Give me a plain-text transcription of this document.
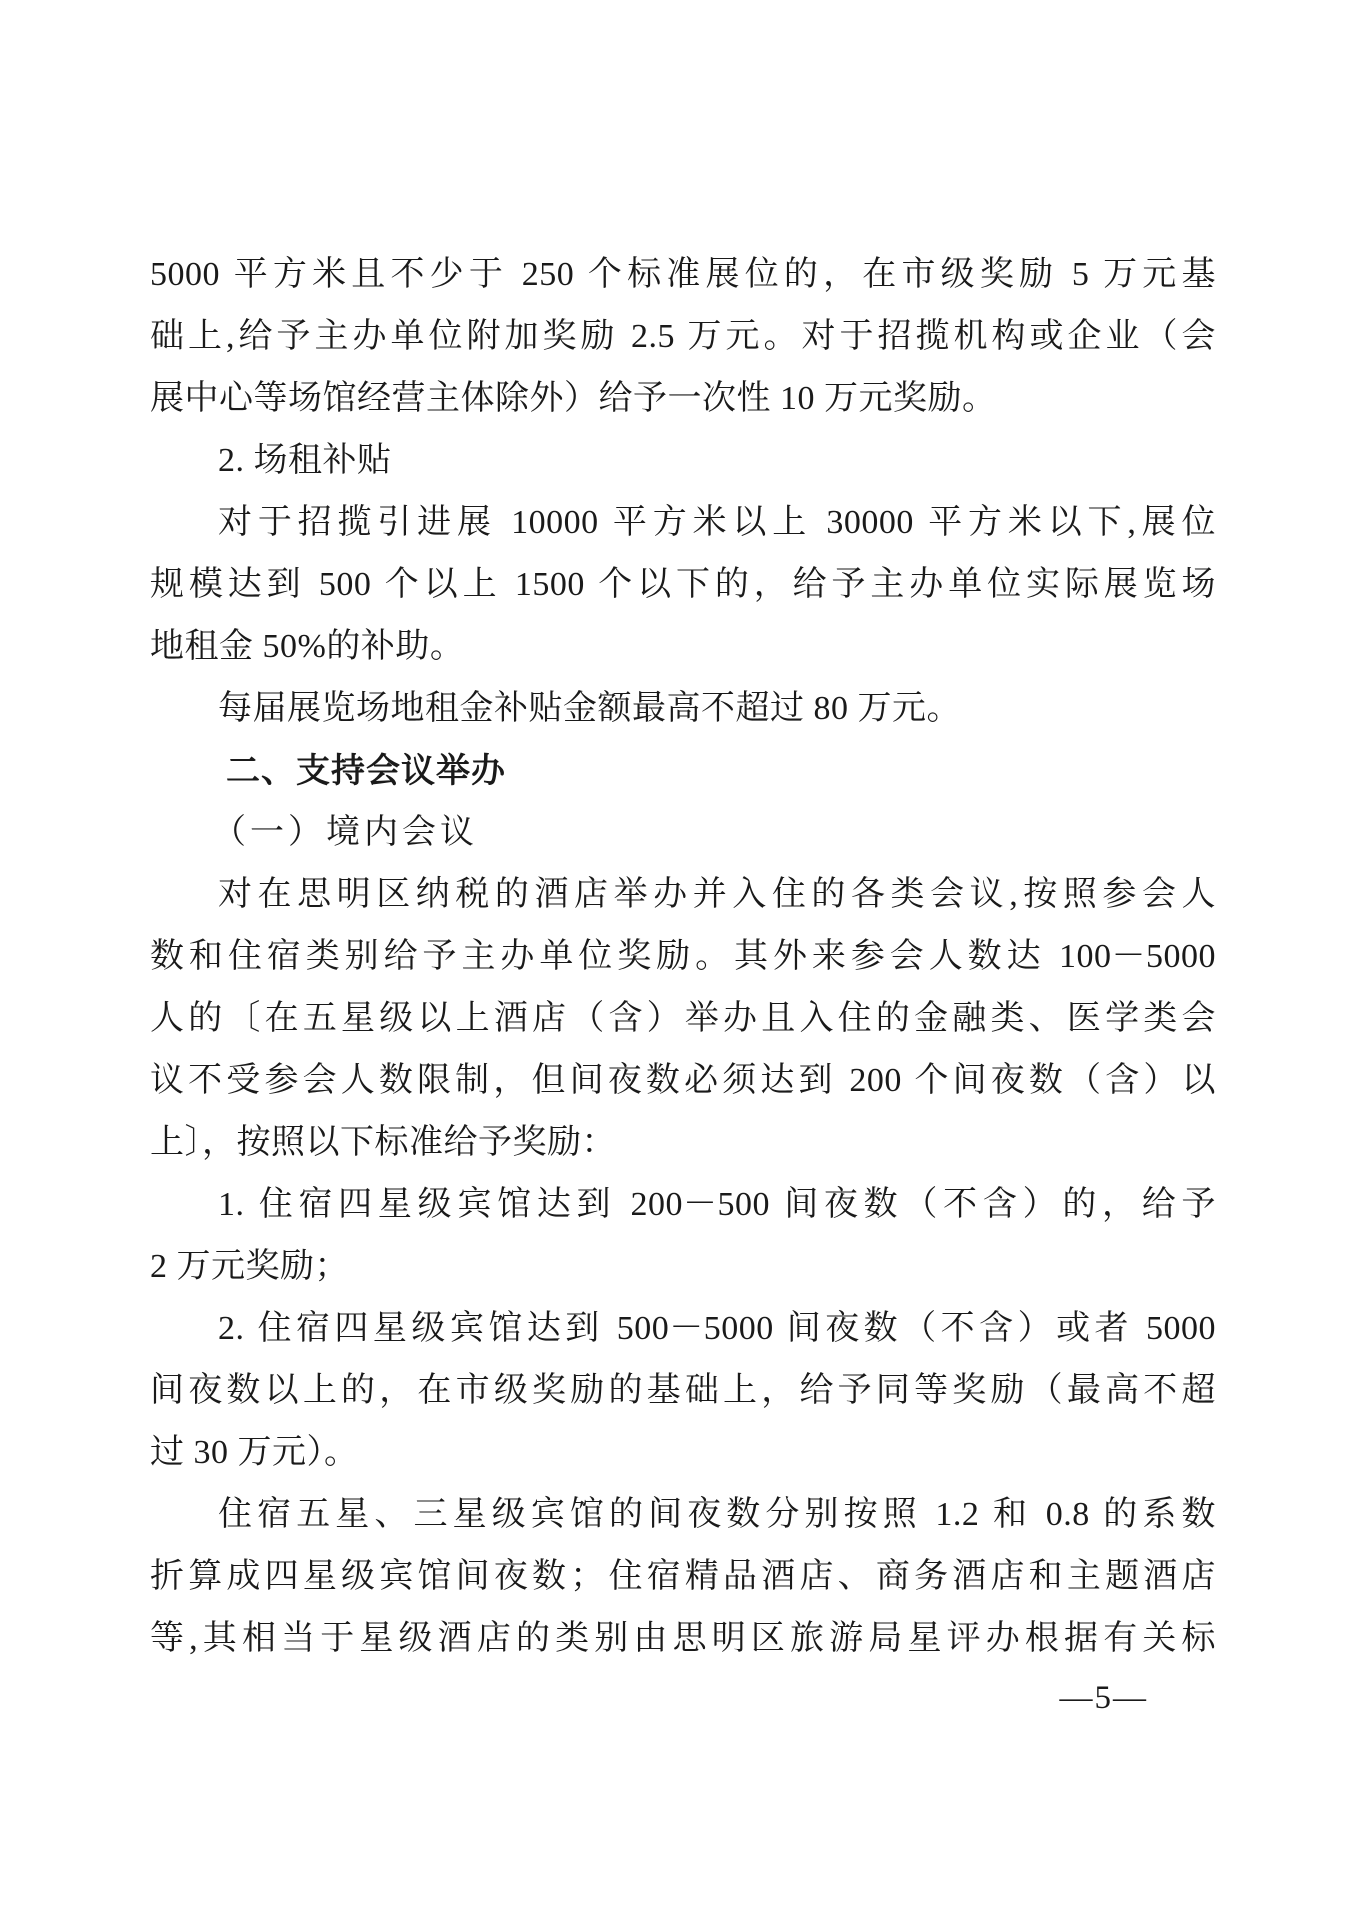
5000 平方米且不少于 250 个标准展位的，在市级奖励 5 万元基
础上,给予主办单位附加奖励 2.5 万元。对于招揽机构或企业（会
展中心等场馆经营主体除外）给予一次性 10 万元奖励。
2. 场租补贴
对于招揽引进展 10000 平方米以上 30000 平方米以下,展位
规模达到 500 个以上 1500 个以下的，给予主办单位实际展览场
地租金 50%的补助。
每届展览场地租金补贴金额最高不超过 80 万元。
二、支持会议举办
（一）境内会议
对在思明区纳税的酒店举办并入住的各类会议,按照参会人
数和住宿类别给予主办单位奖励。其外来参会人数达 100－5000
人的〔在五星级以上酒店（含）举办且入住的金融类、医学类会
议不受参会人数限制，但间夜数必须达到 200 个间夜数（含）以
上〕，按照以下标准给予奖励：
1. 住宿四星级宾馆达到 200－500 间夜数（不含）的，给予
2 万元奖励；
2. 住宿四星级宾馆达到 500－5000 间夜数（不含）或者 5000
间夜数以上的，在市级奖励的基础上，给予同等奖励（最高不超
过 30 万元）。
住宿五星、三星级宾馆的间夜数分别按照 1.2 和 0.8 的系数
折算成四星级宾馆间夜数；住宿精品酒店、商务酒店和主题酒店
等,其相当于星级酒店的类别由思明区旅游局星评办根据有关标
—5—
